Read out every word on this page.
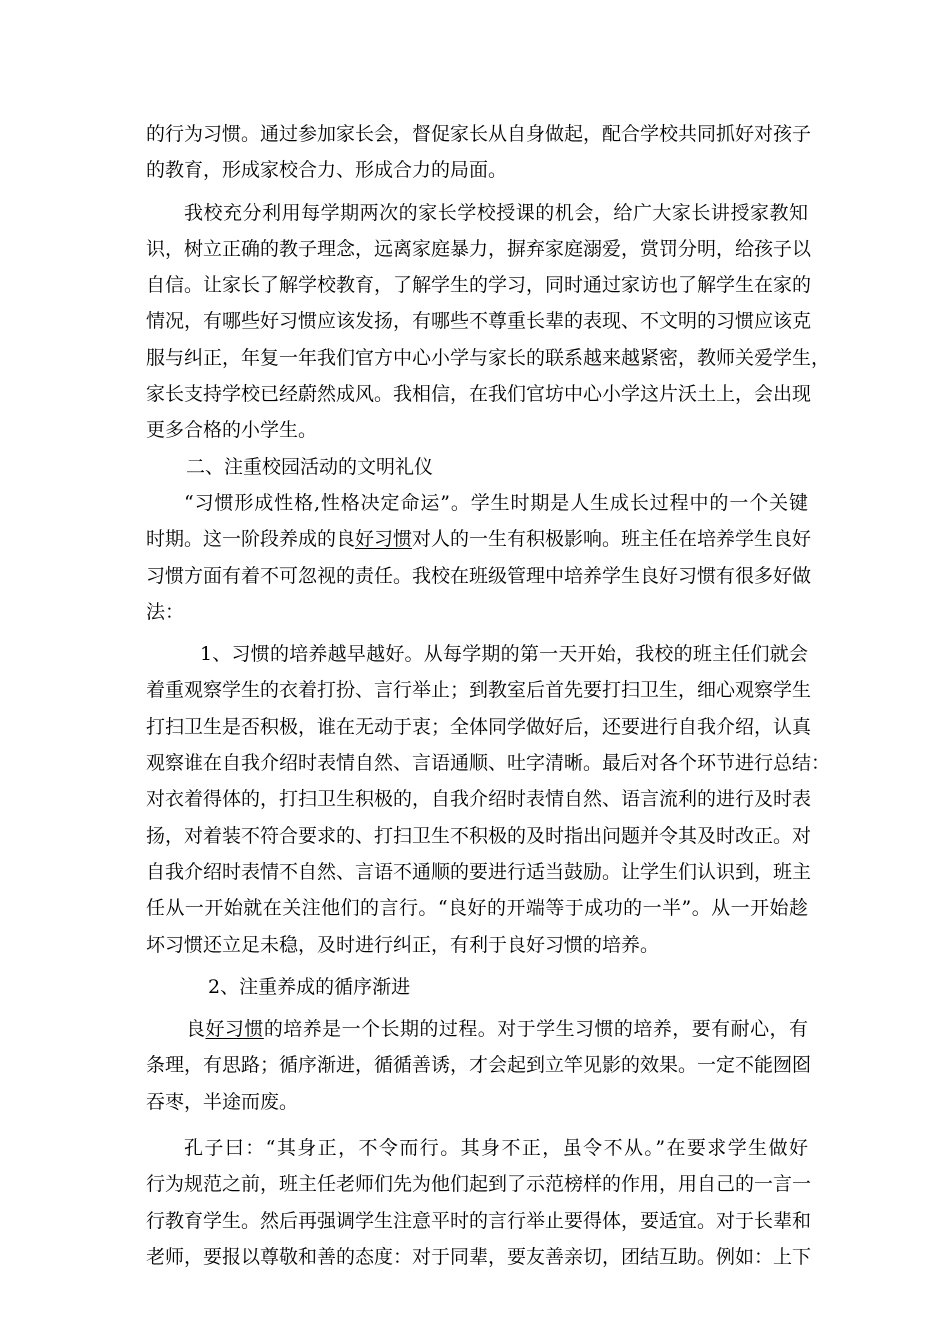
的行为习惯。通过参加家长会，督促家长从自身做起，配合学校共同抓好对孩子
的教育，形成家校合力、形成合力的局面。
我校充分利用每学期两次的家长学校授课的机会，给广大家长讲授家教知
识，树立正确的教子理念，远离家庭暴力，摒弃家庭溺爱，赏罚分明，给孩子以
自信。让家长了解学校教育，了解学生的学习，同时通过家访也了解学生在家的
情况，有哪些好习惯应该发扬，有哪些不尊重长辈的表现、不文明的习惯应该克
服与纠正，年复一年我们官方中心小学与家长的联系越来越紧密，教师关爱学生，
家长支持学校已经蔚然成风。我相信，在我们官坊中心小学这片沃土上，会出现
更多合格的小学生。
二、注重校园活动的文明礼仪
“习惯形成性格,性格决定命运”。学生时期是人生成长过程中的一个关键
时期。这一阶段养成的良好习惯对人的一生有积极影响。班主任在培养学生良好
习惯方面有着不可忽视的责任。我校在班级管理中培养学生良好习惯有很多好做
法：
1、习惯的培养越早越好。从每学期的第一天开始，我校的班主任们就会
着重观察学生的衣着打扮、言行举止；到教室后首先要打扫卫生，细心观察学生
打扫卫生是否积极，谁在无动于衷；全体同学做好后，还要进行自我介绍，认真
观察谁在自我介绍时表情自然、言语通顺、吐字清晰。最后对各个环节进行总结：
对衣着得体的，打扫卫生积极的，自我介绍时表情自然、语言流利的进行及时表
扬，对着装不符合要求的、打扫卫生不积极的及时指出问题并令其及时改正。对
自我介绍时表情不自然、言语不通顺的要进行适当鼓励。让学生们认识到，班主
任从一开始就在关注他们的言行。“良好的开端等于成功的一半”。从一开始趁
坏习惯还立足未稳，及时进行纠正，有利于良好习惯的培养。
2、注重养成的循序渐进
良好习惯的培养是一个长期的过程。对于学生习惯的培养，要有耐心，有
条理，有思路；循序渐进，循循善诱，才会起到立竿见影的效果。一定不能囫囵
吞枣，半途而废。
孔子曰：“其身正，不令而行。其身不正，虽令不从。”在要求学生做好
行为规范之前，班主任老师们先为他们起到了示范榜样的作用，用自己的一言一
行教育学生。然后再强调学生注意平时的言行举止要得体，要适宜。对于长辈和
老师，要报以尊敬和善的态度：对于同辈，要友善亲切，团结互助。例如：上下
